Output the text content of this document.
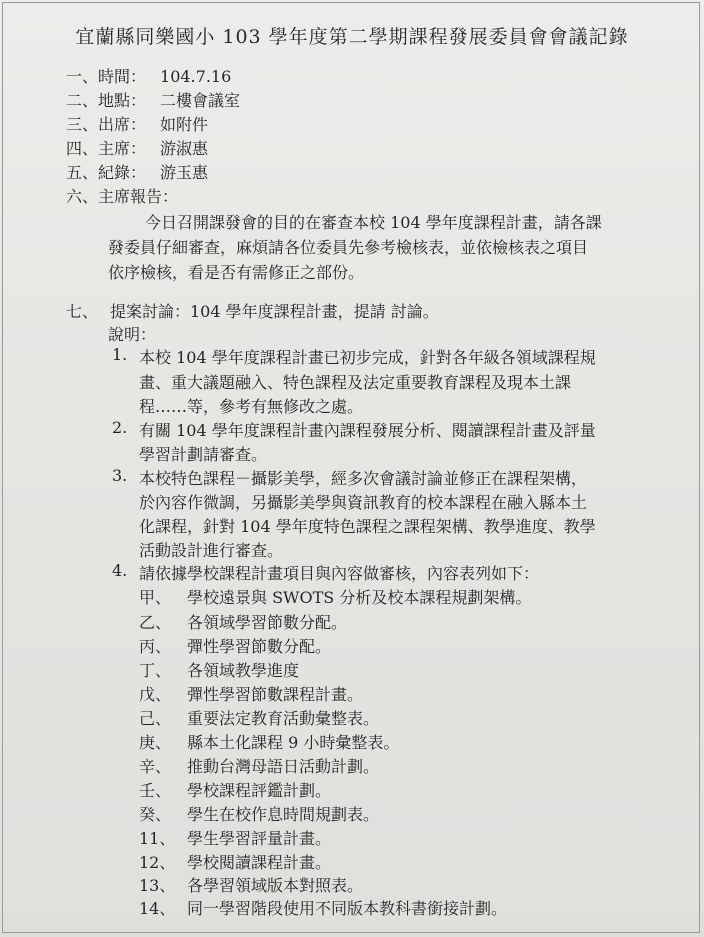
宜蘭縣同樂國小 103 學年度第二學期課程發展委員會會議記錄
一、時間： 104.7.16
二、地點： 二樓會議室
三、出席： 如附件
四、主席： 游淑惠
五、紀錄： 游玉惠
六、主席報告：
今日召開課發會的目的在審查本校 104 學年度課程計畫，請各課
發委員仔細審查，麻煩請各位委員先參考檢核表，並依檢核表之項目
依序檢核，看是否有需修正之部份。
七、 提案討論：104 學年度課程計畫，提請 討論。
說明：
1. 本校 104 學年度課程計畫已初步完成，針對各年級各領域課程規
畫、重大議題融入、特色課程及法定重要教育課程及現本土課
程……等，參考有無修改之處。
2. 有關 104 學年度課程計畫內課程發展分析、閱讀課程計畫及評量
學習計劃請審查。
3. 本校特色課程－攝影美學，經多次會議討論並修正在課程架構，
於內容作微調，另攝影美學與資訊教育的校本課程在融入縣本土
化課程，針對 104 學年度特色課程之課程架構、教學進度、教學
活動設計進行審查。
4. 請依據學校課程計畫項目與內容做審核，內容表列如下：
甲、 學校遠景與 SWOTS 分析及校本課程規劃架構。
乙、 各領域學習節數分配。
丙、 彈性學習節數分配。
丁、 各領域教學進度
戊、 彈性學習節數課程計畫。
己、 重要法定教育活動彙整表。
庚、 縣本土化課程 9 小時彙整表。
辛、 推動台灣母語日活動計劃。
壬、 學校課程評鑑計劃。
癸、 學生在校作息時間規劃表。
11、 學生學習評量計畫。
12、 學校閱讀課程計畫。
13、 各學習領域版本對照表。
14、 同一學習階段使用不同版本教科書銜接計劃。
